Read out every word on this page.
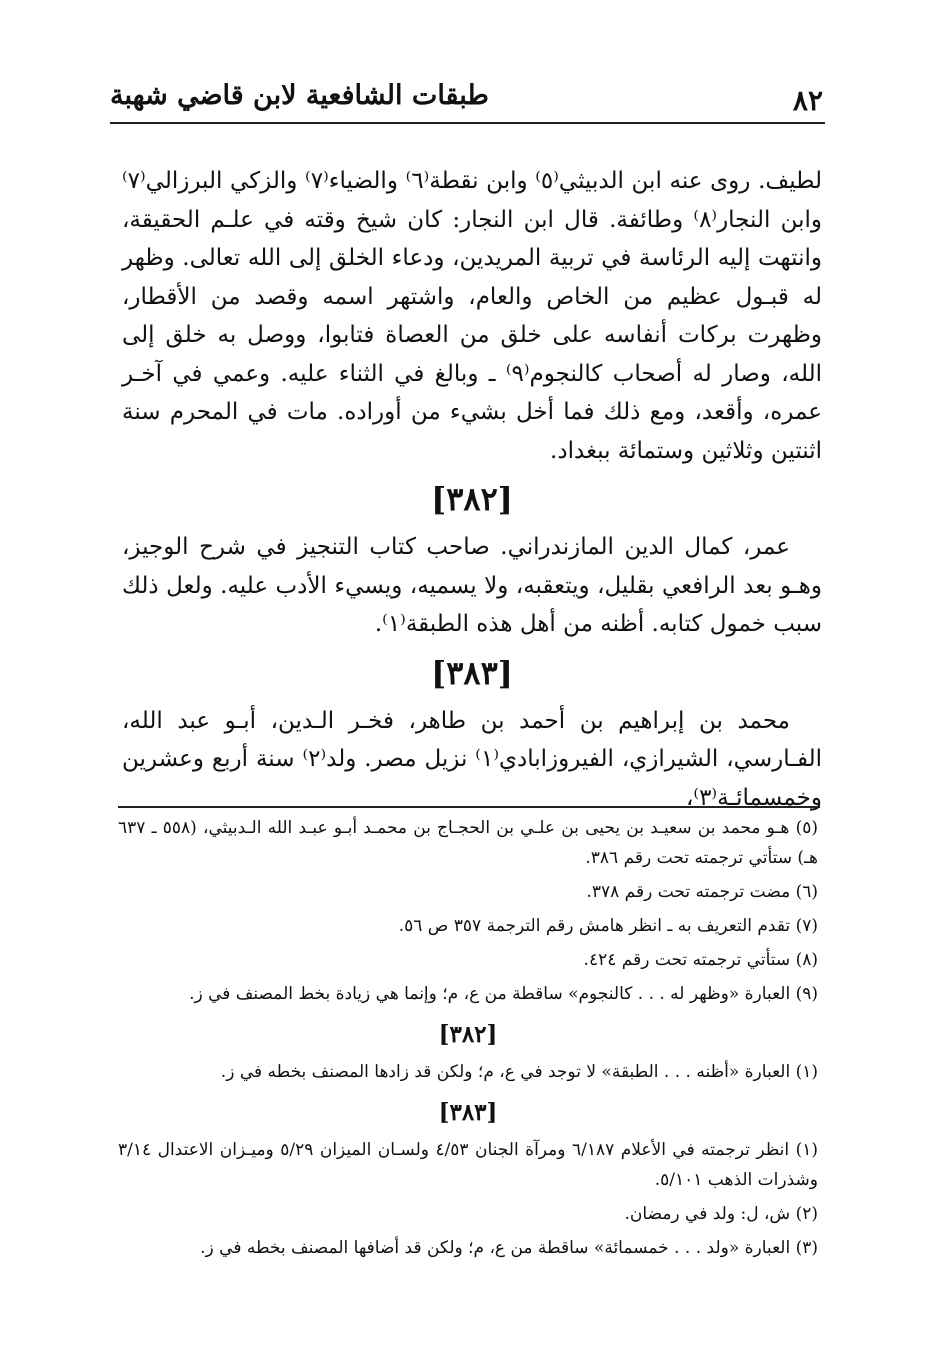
٨٢
طبقات الشافعية لابن قاضي شهبة

لطيف. روى عنه ابن الدبيثي⁽٥⁾ وابن نقطة⁽٦⁾ والضياء⁽٧⁾ والزكي البرزالي⁽٧⁾ وابن النجار⁽٨⁾ وطائفة. قال ابن النجار: كان شيخ وقته في علـم الحقيقة، وانتهت إليه الرئاسة في تربية المريدين، ودعاء الخلق إلى الله تعالى. وظهر له قبـول عظيم من الخاص والعام، واشتهر اسمه وقصد من الأقطار، وظهرت بركات أنفاسه على خلق من العصاة فتابوا، ووصل به خلق إلى الله، وصار له أصحاب كالنجوم⁽٩⁾ ـ وبالغ في الثناء عليه. وعمي في آخـر عمره، وأقعد، ومع ذلك فما أخل بشيء من أوراده. مات في المحرم سنة اثنتين وثلاثين وستمائة ببغداد.

[٣٨٢]

عمر، كمال الدين المازندراني. صاحب كتاب التنجيز في شرح الوجيز، وهـو بعد الرافعي بقليل، ويتعقبه، ولا يسميه، ويسيء الأدب عليه. ولعل ذلك سبب خمول كتابه. أظنه من أهل هذه الطبقة⁽١⁾.

[٣٨٣]

محمد بن إبراهيم بن أحمد بن طاهر، فخـر الـدين، أبـو عبد الله، الفـارسي، الشيرازي، الفيروزابادي⁽١⁾ نزيل مصر. ولد⁽٢⁾ سنة أربع وعشرين وخمسمائـة⁽٣⁾،

(٥) هـو محمد بن سعيـد بن يحيى بن علـي بن الحجـاج بن محمـد أبـو عبـد الله الـدبيثي، (٥٥٨ ـ ٦٣٧ هـ) ستأتي ترجمته تحت رقم ٣٨٦.

(٦) مضت ترجمته تحت رقم ٣٧٨.

(٧) تقدم التعريف به ـ انظر هامش رقم الترجمة ٣٥٧ ص ٥٦.

(٨) ستأتي ترجمته تحت رقم ٤٢٤.

(٩) العبارة «وظهر له . . . كالنجوم» ساقطة من ع، م؛ وإنما هي زيادة بخط المصنف في ز.

[٣٨٢]

(١) العبارة «أظنه . . . الطبقة» لا توجد في ع، م؛ ولكن قد زادها المصنف بخطه في ز.

[٣٨٣]

(١) انظر ترجمته في الأعلام ٦/١٨٧ ومرآة الجنان ٤/٥٣ ولسـان الميزان ٥/٢٩ وميـزان الاعتدال ٣/١٤ وشذرات الذهب ٥/١٠١.

(٢) ش، ل: ولد في رمضان.

(٣) العبارة «ولد . . . خمسمائة» ساقطة من ع، م؛ ولكن قد أضافها المصنف بخطه في ز.
